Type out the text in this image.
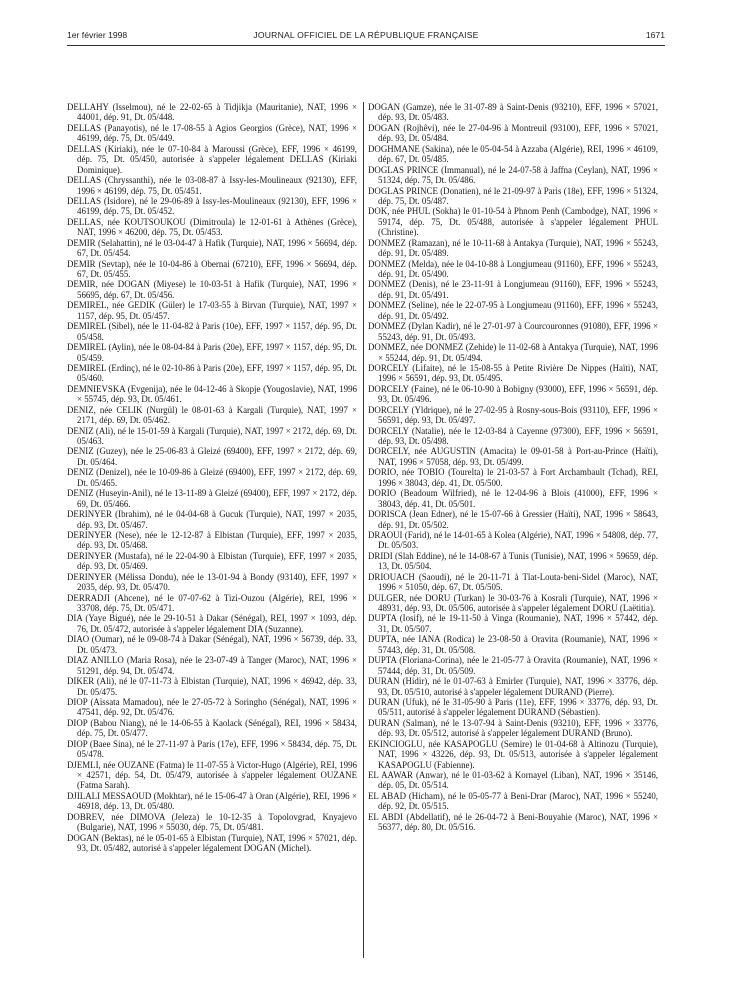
1er février 1998	JOURNAL OFFICIEL DE LA RÉPUBLIQUE FRANÇAISE	1671

DELLAHY (Isselmou), né le 22-02-65 à Tidjikja (Mauritanie), NAT, 1996 × 44001, dép. 91, Dt. 05/448.

DELLAS (Panayotis), né le 17-08-55 à Agios Georgios (Grèce), NAT, 1996 × 46199, dép. 75, Dt. 05/449.

DELLAS (Kiriaki), née le 07-10-84 à Maroussi (Grèce), EFF, 1996 × 46199, dép. 75, Dt. 05/450, autorisée à s'appeler légalement DELLAS (Kiriaki Dominique).

DELLAS (Chryssanthi), née le 03-08-87 à Issy-les-Moulineaux (92130), EFF, 1996 × 46199, dép. 75, Dt. 05/451.

DELLAS (Isidore), né le 29-06-89 à Issy-les-Moulineaux (92130), EFF, 1996 × 46199, dép. 75, Dt. 05/452.

DELLAS, née KOUTSOUKOU (Dimitroula) le 12-01-61 à Athènes (Grèce), NAT, 1996 × 46200, dép. 75, Dt. 05/453.

DEMIR (Selahattin), né le 03-04-47 à Hafik (Turquie), NAT, 1996 × 56694, dép. 67, Dt. 05/454.

DEMIR (Sevtap), née le 10-04-86 à Obernai (67210), EFF, 1996 × 56694, dép. 67, Dt. 05/455.

DEMIR, née DOGAN (Miyese) le 10-03-51 à Hafik (Turquie), NAT, 1996 × 56695, dép. 67, Dt. 05/456.

DEMIREL, née GEDIK (Güler) le 17-03-55 à Birvan (Turquie), NAT, 1997 × 1157, dép. 95, Dt. 05/457.

DEMIREL (Sibel), née le 11-04-82 à Paris (10e), EFF, 1997 × 1157, dép. 95, Dt. 05/458.

DEMIREL (Aylin), née le 08-04-84 à Paris (20e), EFF, 1997 × 1157, dép. 95, Dt. 05/459.

DEMIREL (Erdinç), né le 02-10-86 à Paris (20e), EFF, 1997 × 1157, dép. 95, Dt. 05/460.

DEMNIEVSKA (Evgenija), née le 04-12-46 à Skopje (Yougoslavie), NAT, 1996 × 55745, dép. 93, Dt. 05/461.

DENIZ, née CELIK (Nurgül) le 08-01-63 à Kargali (Turquie), NAT, 1997 × 2171, dép. 69, Dt. 05/462.

DENIZ (Ali), né le 15-01-59 à Kargali (Turquie), NAT, 1997 × 2172, dép. 69, Dt. 05/463.

DENIZ (Guzey), née le 25-06-83 à Gleizé (69400), EFF, 1997 × 2172, dép. 69, Dt. 05/464.

DENIZ (Denizel), née le 10-09-86 à Gleizé (69400), EFF, 1997 × 2172, dép. 69, Dt. 05/465.

DENIZ (Huseyin-Anil), né le 13-11-89 à Gleizé (69400), EFF, 1997 × 2172, dép. 69, Dt. 05/466.

DERINYER (Ibrahim), né le 04-04-68 à Gucuk (Turquie), NAT, 1997 × 2035, dép. 93, Dt. 05/467.

DERINYER (Nese), née le 12-12-87 à Elbistan (Turquie), EFF, 1997 × 2035, dép. 93, Dt. 05/468.

DERINYER (Mustafa), né le 22-04-90 à Elbistan (Turquie), EFF, 1997 × 2035, dép. 93, Dt. 05/469.

DERINYER (Mélissa Dondu), née le 13-01-94 à Bondy (93140), EFF, 1997 × 2035, dép. 93, Dt. 05/470.

DERRADJI (Ahcene), né le 07-07-62 à Tizi-Ouzou (Algérie), REI, 1996 × 33708, dép. 75, Dt. 05/471.

DIA (Yaye Bigué), née le 29-10-51 à Dakar (Sénégal), REI, 1997 × 1093, dép. 76, Dt. 05/472, autorisée à s'appeler légalement DIA (Suzanne).

DIAO (Oumar), né le 09-08-74 à Dakar (Sénégal), NAT, 1996 × 56739, dép. 33, Dt. 05/473.

DIAZ ANILLO (Maria Rosa), née le 23-07-49 à Tanger (Maroc), NAT, 1996 × 51291, dép. 94, Dt. 05/474.

DIKER (Ali), né le 07-11-73 à Elbistan (Turquie), NAT, 1996 × 46942, dép. 33, Dt. 05/475.

DIOP (Aïssata Mamadou), née le 27-05-72 à Soringho (Sénégal), NAT, 1996 × 47541, dép. 92, Dt. 05/476.

DIOP (Babou Niang), né le 14-06-55 à Kaolack (Sénégal), REI, 1996 × 58434, dép. 75, Dt. 05/477.

DIOP (Baee Sina), né le 27-11-97 à Paris (17e), EFF, 1996 × 58434, dép. 75, Dt. 05/478.

DJEMLI, née OUZANE (Fatma) le 11-07-55 à Victor-Hugo (Algérie), REI, 1996 × 42571, dép. 54, Dt. 05/479, autorisée à s'appeler légalement OUZANE (Fatma Sarah).

DJILALI MESSAOUD (Mokhtar), né le 15-06-47 à Oran (Algérie), REI, 1996 × 46918, dép. 13, Dt. 05/480.

DOBREV, née DIMOVA (Jeleza) le 10-12-35 à Topolovgrad, Knyajevo (Bulgarie), NAT, 1996 × 55030, dép. 75, Dt. 05/481.

DOGAN (Bektas), né le 05-01-65 à Elbistan (Turquie), NAT, 1996 × 57021, dép. 93, Dt. 05/482, autorisé à s'appeler légalement DOGAN (Michel).

DOGAN (Gamze), née le 31-07-89 à Saint-Denis (93210), EFF, 1996 × 57021, dép. 93, Dt. 05/483.

DOGAN (Rojhêvi), née le 27-04-96 à Montreuil (93100), EFF, 1996 × 57021, dép. 93, Dt. 05/484.

DOGHMANE (Sakina), née le 05-04-54 à Azzaba (Algérie), REI, 1996 × 46109, dép. 67, Dt. 05/485.

DOGLAS PRINCE (Immanual), né le 24-07-58 à Jaffna (Ceylan), NAT, 1996 × 51324, dép. 75, Dt. 05/486.

DOGLAS PRINCE (Donatien), né le 21-09-97 à Paris (18e), EFF, 1996 × 51324, dép. 75, Dt. 05/487.

DOK, née PHUL (Sokha) le 01-10-54 à Phnom Penh (Cambodge), NAT, 1996 × 59174, dép. 75, Dt. 05/488, autorisée à s'appeler légalement PHUL (Christine).

DONMEZ (Ramazan), né le 10-11-68 à Antakya (Turquie), NAT, 1996 × 55243, dép. 91, Dt. 05/489.

DONMEZ (Melda), née le 04-10-88 à Longjumeau (91160), EFF, 1996 × 55243, dép. 91, Dt. 05/490.

DONMEZ (Denis), né le 23-11-91 à Longjumeau (91160), EFF, 1996 × 55243, dép. 91, Dt. 05/491.

DONMEZ (Seline), née le 22-07-95 à Longjumeau (91160), EFF, 1996 × 55243, dép. 91, Dt. 05/492.

DONMEZ (Dylan Kadir), né le 27-01-97 à Courcouronnes (91080), EFF, 1996 × 55243, dép. 91, Dt. 05/493.

DONMEZ, née DONMEZ (Zehide) le 11-02-68 à Antakya (Turquie), NAT, 1996 × 55244, dép. 91, Dt. 05/494.

DORCELY (Lifaite), né le 15-08-55 à Petite Rivière De Nippes (Haïti), NAT, 1996 × 56591, dép. 93, Dt. 05/495.

DORCELY (Faine), né le 06-10-90 à Bobigny (93000), EFF, 1996 × 56591, dép. 93, Dt. 05/496.

DORCELY (Yldrique), né le 27-02-95 à Rosny-sous-Bois (93110), EFF, 1996 × 56591, dép. 93, Dt. 05/497.

DORCELY (Natalie), née le 12-03-84 à Cayenne (97300), EFF, 1996 × 56591, dép. 93, Dt. 05/498.

DORCELY, née AUGUSTIN (Amacita) le 09-01-58 à Port-au-Prince (Haïti), NAT, 1996 × 57058, dép. 93, Dt. 05/499.

DORIO, née TOBIO (Tourelta) le 21-03-57 à Fort Archambault (Tchad), REI, 1996 × 38043, dép. 41, Dt. 05/500.

DORIO (Beadoum Wilfried), né le 12-04-96 à Blois (41000), EFF, 1996 × 38043, dép. 41, Dt. 05/501.

DORISCA (Jean Edner), né le 15-07-66 à Gressier (Haïti), NAT, 1996 × 58643, dép. 91, Dt. 05/502.

DRAOUI (Farid), né le 14-01-65 à Kolea (Algérie), NAT, 1996 × 54808, dép. 77, Dt. 05/503.

DRIDI (Slah Eddine), né le 14-08-67 à Tunis (Tunisie), NAT, 1996 × 59659, dép. 13, Dt. 05/504.

DRIOUACH (Saoudi), né le 20-11-71 à Tlat-Louta-beni-Sidel (Maroc), NAT, 1996 × 51050, dép. 67, Dt. 05/505.

DULGER, née DORU (Turkan) le 30-03-76 à Kosrali (Turquie), NAT, 1996 × 48931, dép. 93, Dt. 05/506, autorisée à s'appeler légalement DORU (Laëtitia).

DUPTA (Iosif), né le 19-11-50 à Vinga (Roumanie), NAT, 1996 × 57442, dép. 31, Dt. 05/507.

DUPTA, née IANA (Rodica) le 23-08-50 à Oravita (Roumanie), NAT, 1996 × 57443, dép. 31, Dt. 05/508.

DUPTA (Floriana-Corina), née le 21-05-77 à Oravita (Roumanie), NAT, 1996 × 57444, dép. 31, Dt. 05/509.

DURAN (Hidir), né le 01-07-63 à Emirler (Turquie), NAT, 1996 × 33776, dép. 93, Dt. 05/510, autorisé à s'appeler légalement DURAND (Pierre).

DURAN (Ufuk), né le 31-05-90 à Paris (11e), EFF, 1996 × 33776, dép. 93, Dt. 05/511, autorisé à s'appeler légalement DURAND (Sébastien).

DURAN (Salman), né le 13-07-94 à Saint-Denis (93210), EFF, 1996 × 33776, dép. 93, Dt. 05/512, autorisé à s'appeler légalement DURAND (Bruno).

EKINCIOGLU, née KASAPOGLU (Semire) le 01-04-68 à Altinozu (Turquie), NAT, 1996 × 43226, dép. 93, Dt. 05/513, autorisée à s'appeler légalement KASAPOGLU (Fabienne).

EL AAWAR (Anwar), né le 01-03-62 à Kornayel (Liban), NAT, 1996 × 35146, dép. 05, Dt. 05/514.

EL ABAD (Hicham), né le 05-05-77 à Beni-Drar (Maroc), NAT, 1996 × 55240, dép. 92, Dt. 05/515.

EL ABDI (Abdellatif), né le 26-04-72 à Beni-Bouyahie (Maroc), NAT, 1996 × 56377, dép. 80, Dt. 05/516.
